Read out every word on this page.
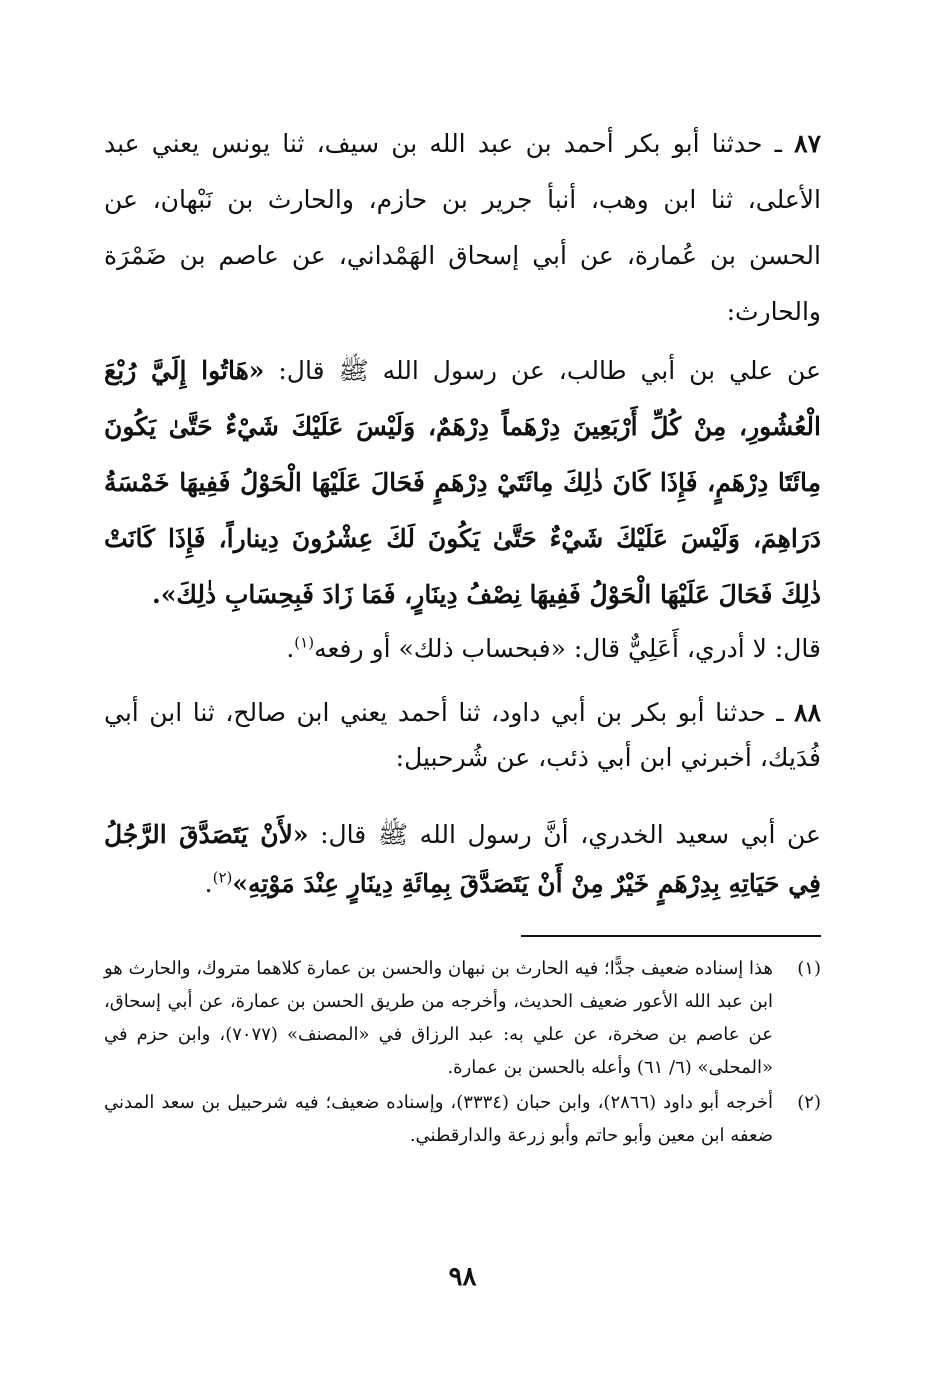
٨٧ ـ حدثنا أبو بكر أحمد بن عبد الله بن سيف، ثنا يونس يعني عبد الأعلى، ثنا ابن وهب، أنبأ جرير بن حازم، والحارث بن نَبْهان، عن الحسن بن عُمارة، عن أبي إسحاق الهَمْداني، عن عاصم بن ضَمْرَة والحارث:

عن علي بن أبي طالب، عن رسول الله ﷺ قال: «هَاتُوا إِلَيَّ رُبْعَ الْعُشُورِ، مِنْ كُلِّ أَرْبَعِينَ دِرْهَماً دِرْهَمٌ، وَلَيْسَ عَلَيْكَ شَيْءٌ حَتَّىٰ يَكُونَ مِائَتَا دِرْهَمٍ، فَإِذَا كَانَ ذٰلِكَ مِائَتَيْ دِرْهَمٍ فَحَالَ عَلَيْهَا الْحَوْلُ فَفِيهَا خَمْسَةُ دَرَاهِمَ، وَلَيْسَ عَلَيْكَ شَيْءٌ حَتَّىٰ يَكُونَ لَكَ عِشْرُونَ دِيناراً، فَإِذَا كَانَتْ ذٰلِكَ فَحَالَ عَلَيْهَا الْحَوْلُ فَفِيهَا نِصْفُ دِينَارٍ، فَمَا زَادَ فَبِحِسَابِ ذٰلِكَ».

قال: لا أدري، أَعَلِيٌّ قال: «فبحساب ذلك» أو رفعه$^{(١)}$.

٨٨ ـ حدثنا أبو بكر بن أبي داود، ثنا أحمد يعني ابن صالح، ثنا ابن أبي فُدَيك، أخبرني ابن أبي ذئب، عن شُرحبيل:

عن أبي سعيد الخدري، أنَّ رسول الله ﷺ قال: «لأَنْ يَتَصَدَّقَ الرَّجُلُ فِي حَيَاتِهِ بِدِرْهَمٍ خَيْرٌ مِنْ أَنْ يَتَصَدَّقَ بِمِائَةِ دِينَارٍ عِنْدَ مَوْتِهِ»$^{(٢)}$.

(١)
هذا إسناده ضعيف جدًّا؛ فيه الحارث بن نبهان والحسن بن عمارة كلاهما متروك، والحارث هو ابن عبد الله الأعور ضعيف الحديث، وأخرجه من طريق الحسن بن عمارة، عن أبي إسحاق، عن عاصم بن صخرة، عن علي به: عبد الرزاق في «المصنف» (٧٠٧٧)، وابن حزم في «المحلى» (٦/ ٦١) وأعله بالحسن بن عمارة.

(٢)
أخرجه أبو داود (٢٨٦٦)، وابن حبان (٣٣٣٤)، وإسناده ضعيف؛ فيه شرحبيل بن سعد المدني ضعفه ابن معين وأبو حاتم وأبو زرعة والدارقطني.

٩٨
